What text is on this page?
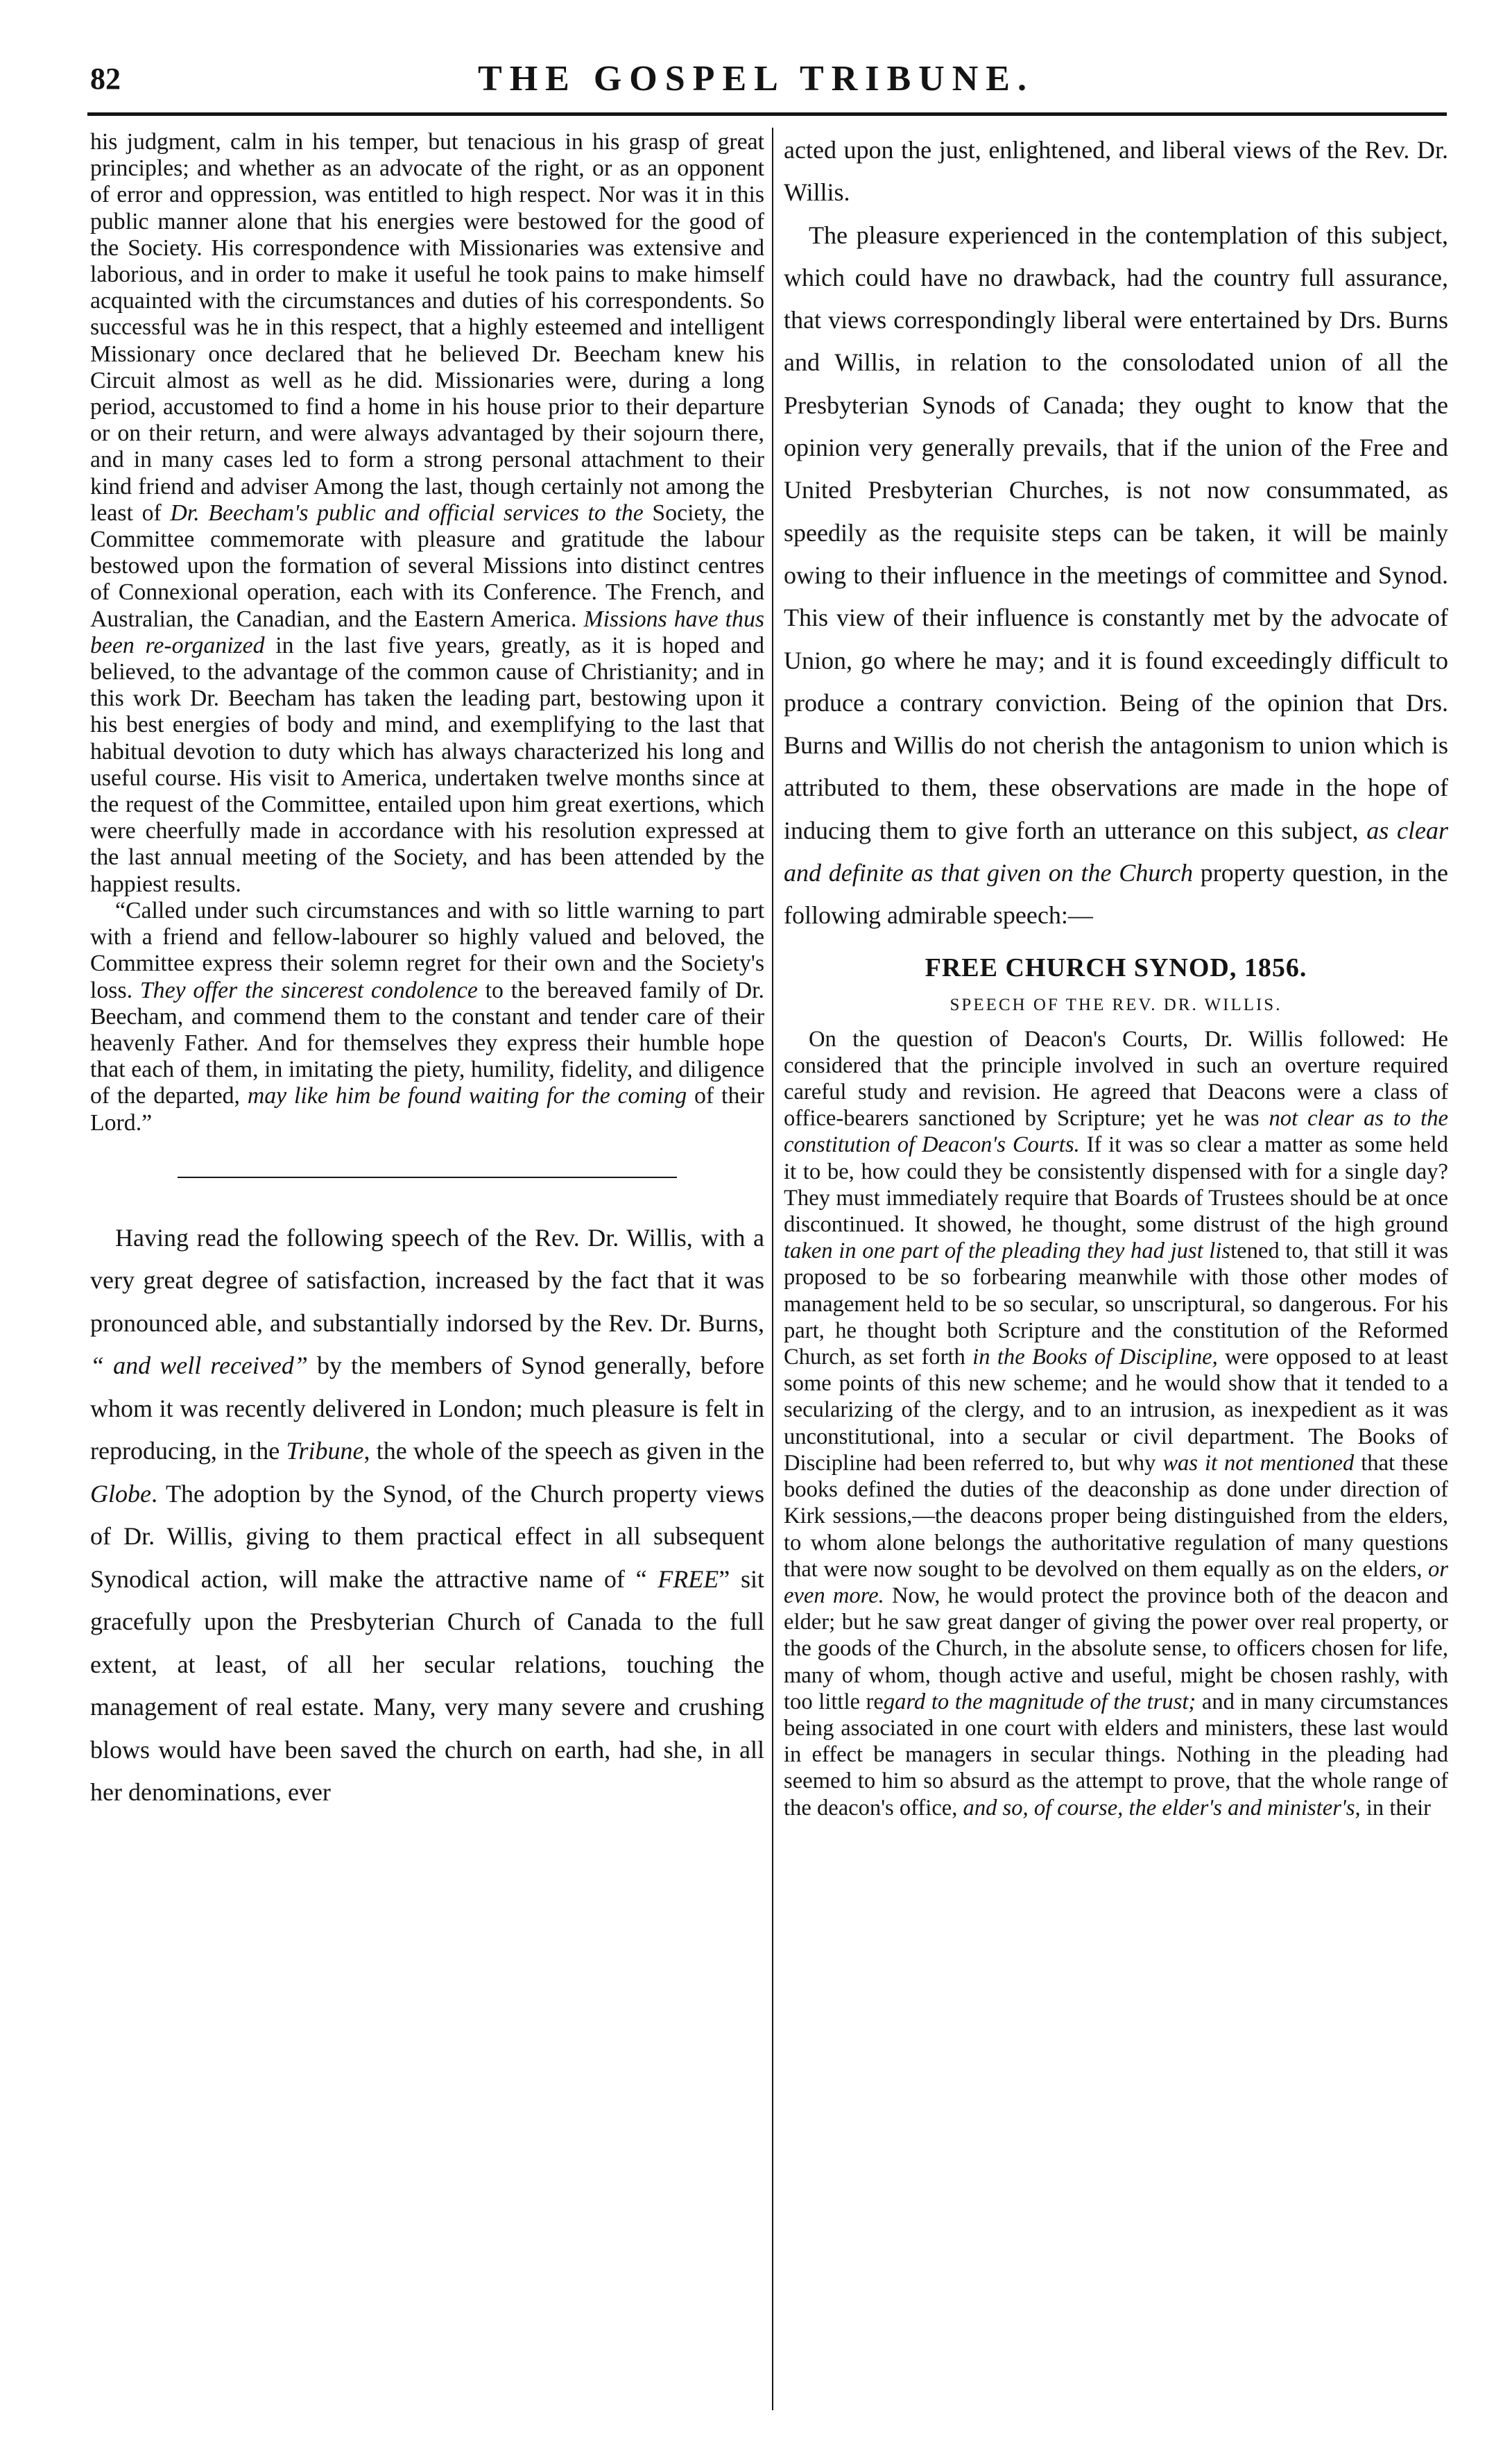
82	THE GOSPEL TRIBUNE.

his judgment, calm in his temper, but tenacious in his grasp of great principles; and whether as an advocate of the right, or as an opponent of error and oppression, was entitled to high respect. Nor was it in this public manner alone that his energies were bestowed for the good of the Society. His correspondence with Missionaries was extensive and laborious, and in order to make it useful he took pains to make himself acquainted with the circumstances and duties of his correspondents. So successful was he in this respect, that a highly esteemed and intelligent Missionary once declared that he believed Dr. Beecham knew his Circuit almost as well as he did. Missionaries were, during a long period, accustomed to find a home in his house prior to their departure or on their return, and were always advantaged by their sojourn there, and in many cases led to form a strong personal attachment to their kind friend and adviser Among the last, though certainly not among the least of Dr. Beecham's public and official services to the Society, the Committee commemorate with pleasure and gratitude the labour bestowed upon the formation of several Missions into distinct centres of Connexional operation, each with its Conference. The French, and Australian, the Canadian, and the Eastern America. Missions have thus been re-organized in the last five years, greatly, as it is hoped and believed, to the advantage of the common cause of Christianity; and in this work Dr. Beecham has taken the leading part, bestowing upon it his best energies of body and mind, and exemplifying to the last that habitual devotion to duty which has always characterized his long and useful course. His visit to America, undertaken twelve months since at the request of the Committee, entailed upon him great exertions, which were cheerfully made in accordance with his resolution expressed at the last annual meeting of the Society, and has been attended by the happiest results.

“Called under such circumstances and with so little warning to part with a friend and fellow-labourer so highly valued and beloved, the Committee express their solemn regret for their own and the Society's loss. They offer the sincerest condolence to the bereaved family of Dr. Beecham, and commend them to the constant and tender care of their heavenly Father. And for themselves they express their humble hope that each of them, in imitating the piety, humility, fidelity, and diligence of the departed, may like him be found waiting for the coming of their Lord.”

Having read the following speech of the Rev. Dr. Willis, with a very great degree of satisfaction, increased by the fact that it was pronounced able, and substantially indorsed by the Rev. Dr. Burns, “ and well received” by the members of Synod generally, before whom it was recently delivered in London; much pleasure is felt in reproducing, in the Tribune, the whole of the speech as given in the Globe. The adoption by the Synod, of the Church property views of Dr. Willis, giving to them practical effect in all subsequent Synodical action, will make the attractive name of “ FREE” sit gracefully upon the Presbyterian Church of Canada to the full extent, at least, of all her secular relations, touching the management of real estate. Many, very many severe and crushing blows would have been saved the church on earth, had she, in all her denominations, ever

acted upon the just, enlightened, and liberal views of the Rev. Dr. Willis.

The pleasure experienced in the contemplation of this subject, which could have no drawback, had the country full assurance, that views correspondingly liberal were entertained by Drs. Burns and Willis, in relation to the consolodated union of all the Presbyterian Synods of Canada; they ought to know that the opinion very generally prevails, that if the union of the Free and United Presbyterian Churches, is not now consummated, as speedily as the requisite steps can be taken, it will be mainly owing to their influence in the meetings of committee and Synod. This view of their influence is constantly met by the advocate of Union, go where he may; and it is found exceedingly difficult to produce a contrary conviction. Being of the opinion that Drs. Burns and Willis do not cherish the antagonism to union which is attributed to them, these observations are made in the hope of inducing them to give forth an utterance on this subject, as clear and definite as that given on the Church property question, in the following admirable speech:—

FREE CHURCH SYNOD, 1856.
SPEECH OF THE REV. DR. WILLIS.

On the question of Deacon's Courts, Dr. Willis followed: He considered that the principle involved in such an overture required careful study and revision. He agreed that Deacons were a class of office-bearers sanctioned by Scripture; yet he was not clear as to the constitution of Deacon's Courts. If it was so clear a matter as some held it to be, how could they be consistently dispensed with for a single day? They must immediately require that Boards of Trustees should be at once discontinued. It showed, he thought, some distrust of the high ground taken in one part of the pleading they had just listened to, that still it was proposed to be so forbearing meanwhile with those other modes of management held to be so secular, so unscriptural, so dangerous. For his part, he thought both Scripture and the constitution of the Reformed Church, as set forth in the Books of Discipline, were opposed to at least some points of this new scheme; and he would show that it tended to a secularizing of the clergy, and to an intrusion, as inexpedient as it was unconstitutional, into a secular or civil department. The Books of Discipline had been referred to, but why was it not mentioned that these books defined the duties of the deaconship as done under direction of Kirk sessions,—the deacons proper being distinguished from the elders, to whom alone belongs the authoritative regulation of many questions that were now sought to be devolved on them equally as on the elders, or even more. Now, he would protect the province both of the deacon and elder; but he saw great danger of giving the power over real property, or the goods of the Church, in the absolute sense, to officers chosen for life, many of whom, though active and useful, might be chosen rashly, with too little regard to the magnitude of the trust; and in many circumstances being associated in one court with elders and ministers, these last would in effect be managers in secular things. Nothing in the pleading had seemed to him so absurd as the attempt to prove, that the whole range of the deacon's office, and so, of course, the elder's and minister's, in their
